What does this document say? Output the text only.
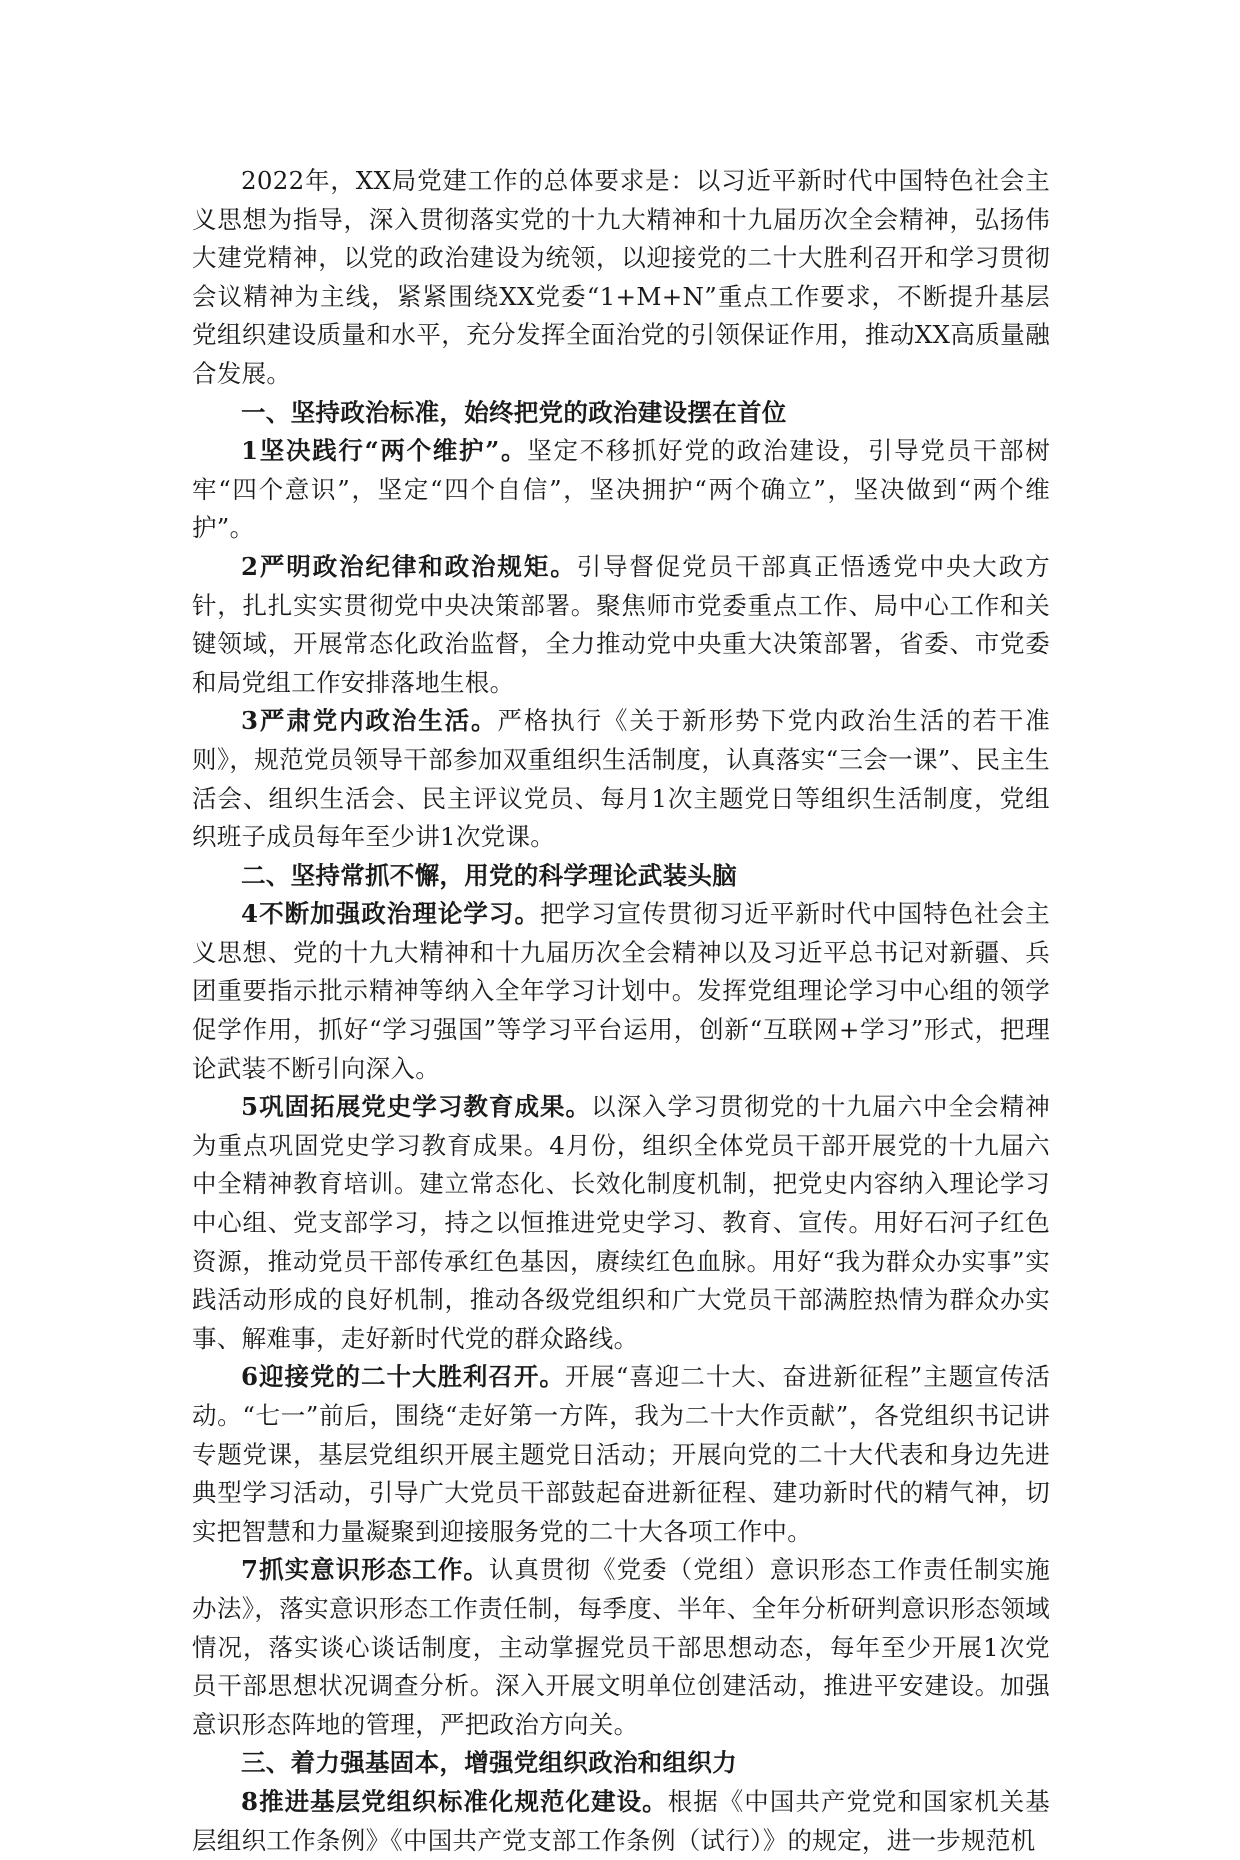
2022年，XX局党建工作的总体要求是：以习近平新时代中国特色社会主义思想为指导，深入贯彻落实党的十九大精神和十九届历次全会精神，弘扬伟大建党精神，以党的政治建设为统领，以迎接党的二十大胜利召开和学习贯彻会议精神为主线，紧紧围绕XX党委“1+M+N”重点工作要求，不断提升基层党组织建设质量和水平，充分发挥全面治党的引领保证作用，推动XX高质量融合发展。

一、坚持政治标准，始终把党的政治建设摆在首位

1坚决践行“两个维护”。坚定不移抓好党的政治建设，引导党员干部树牢“四个意识”，坚定“四个自信”，坚决拥护“两个确立”，坚决做到“两个维护”。

2严明政治纪律和政治规矩。引导督促党员干部真正悟透党中央大政方针，扎扎实实贯彻党中央决策部署。聚焦师市党委重点工作、局中心工作和关键领域，开展常态化政治监督，全力推动党中央重大决策部署，省委、市党委和局党组工作安排落地生根。

3严肃党内政治生活。严格执行《关于新形势下党内政治生活的若干准则》，规范党员领导干部参加双重组织生活制度，认真落实“三会一课”、民主生活会、组织生活会、民主评议党员、每月1次主题党日等组织生活制度，党组织班子成员每年至少讲1次党课。

二、坚持常抓不懈，用党的科学理论武装头脑

4不断加强政治理论学习。把学习宣传贯彻习近平新时代中国特色社会主义思想、党的十九大精神和十九届历次全会精神以及习近平总书记对新疆、兵团重要指示批示精神等纳入全年学习计划中。发挥党组理论学习中心组的领学促学作用，抓好“学习强国”等学习平台运用，创新“互联网+学习”形式，把理论武装不断引向深入。

5巩固拓展党史学习教育成果。以深入学习贯彻党的十九届六中全会精神为重点巩固党史学习教育成果。4月份，组织全体党员干部开展党的十九届六中全精神教育培训。建立常态化、长效化制度机制，把党史内容纳入理论学习中心组、党支部学习，持之以恒推进党史学习、教育、宣传。用好石河子红色资源，推动党员干部传承红色基因，赓续红色血脉。用好“我为群众办实事”实践活动形成的良好机制，推动各级党组织和广大党员干部满腔热情为群众办实事、解难事，走好新时代党的群众路线。

6迎接党的二十大胜利召开。开展“喜迎二十大、奋进新征程”主题宣传活动。“七一”前后，围绕“走好第一方阵，我为二十大作贡献”，各党组织书记讲专题党课，基层党组织开展主题党日活动；开展向党的二十大代表和身边先进典型学习活动，引导广大党员干部鼓起奋进新征程、建功新时代的精气神，切实把智慧和力量凝聚到迎接服务党的二十大各项工作中。

7抓实意识形态工作。认真贯彻《党委（党组）意识形态工作责任制实施办法》，落实意识形态工作责任制，每季度、半年、全年分析研判意识形态领域情况，落实谈心谈话制度，主动掌握党员干部思想动态，每年至少开展1次党员干部思想状况调查分析。深入开展文明单位创建活动，推进平安建设。加强意识形态阵地的管理，严把政治方向关。

三、着力强基固本，增强党组织政治和组织力

8推进基层党组织标准化规范化建设。根据《中国共产党党和国家机关基层组织工作条例》《中国共产党支部工作条例（试行）》的规定，进一步规范机
